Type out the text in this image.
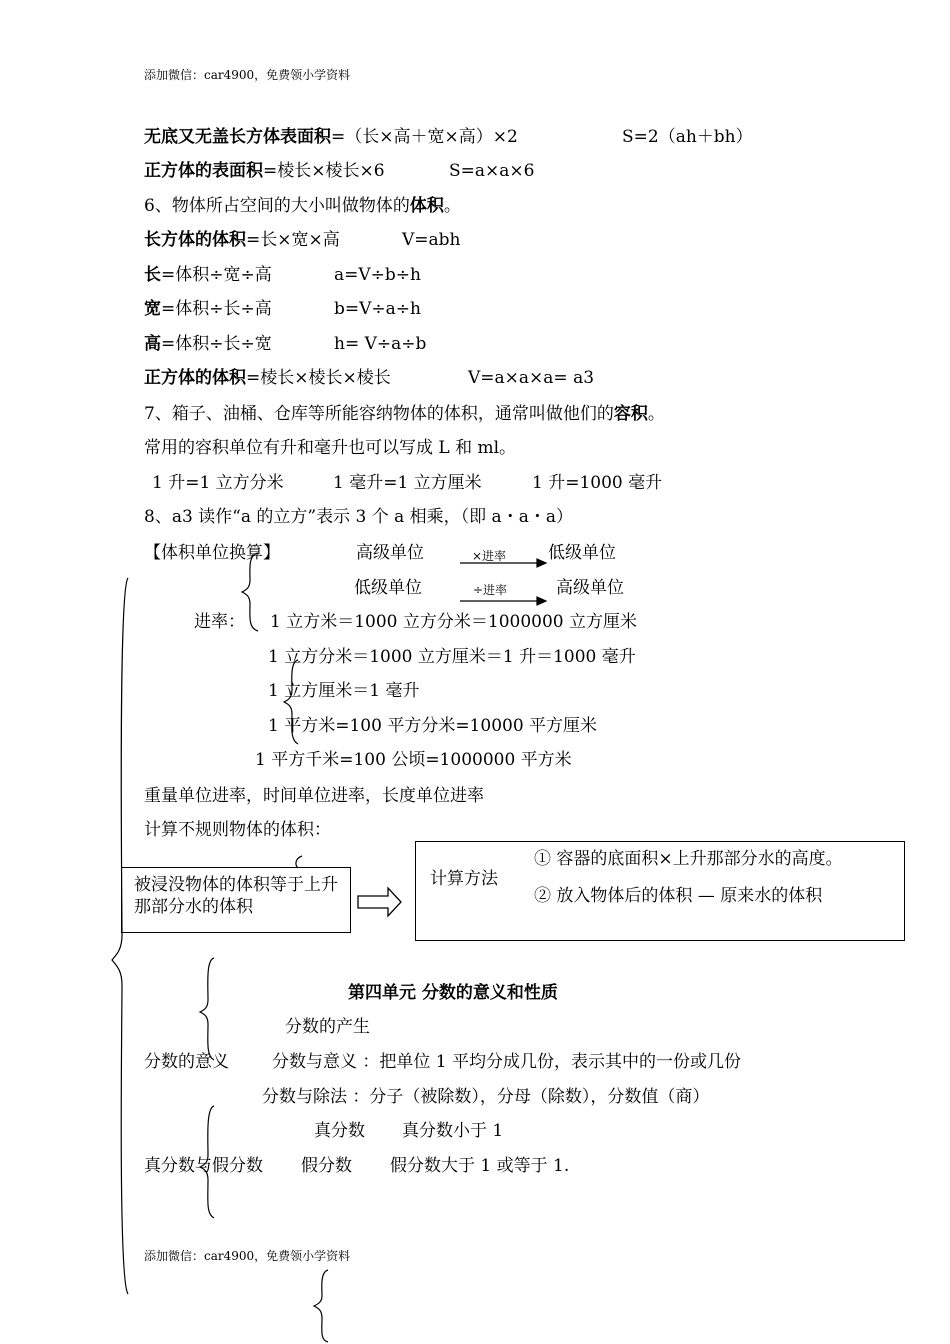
添加微信：car4900，免费领小学资料
无底又无盖长方体表面积=（长×高＋宽×高）×2	S=2（ah＋bh）
正方体的表面积=棱长×棱长×6	S=a×a×6
6、物体所占空间的大小叫做物体的体积。
长方体的体积=长×宽×高	V=abh
长=体积÷宽÷高	a=V÷b÷h
宽=体积÷长÷高	b=V÷a÷h
高=体积÷长÷宽	h= V÷a÷b
正方体的体积=棱长×棱长×棱长	V=a×a×a= a3
7、箱子、油桶、仓库等所能容纳物体的体积，通常叫做他们的容积。
常用的容积单位有升和毫升也可以写成 L 和 ml。
1 升=1 立方分米	1 毫升=1 立方厘米	1 升=1000 毫升
8、a3 读作“a 的立方”表示 3 个 a 相乘，（即 a・a・a）
【体积单位换算】	高级单位	×进率 低级单位
低级单位	÷进率	高级单位
进率： 1 立方米＝1000 立方分米＝1000000 立方厘米
1 立方分米＝1000 立方厘米＝1 升＝1000 毫升
1 立方厘米＝1 毫升
1 平方米=100 平方分米=10000 平方厘米
1 平方千米=100 公顷=1000000 平方米
重量单位进率，时间单位进率，长度单位进率
计算不规则物体的体积：
被浸没物体的体积等于上升那部分水的体积
计算方法
① 容器的底面积×上升那部分水的高度。
② 放入物体后的体积 — 原来水的体积
第四单元 分数的意义和性质
分数的产生
分数的意义	分数与意义 ：把单位 1 平均分成几份，表示其中的一份或几份
分数与除法 ：分子（被除数），分母（除数），分数值（商）
真分数 真分数小于 1
真分数与假分数 假分数 假分数大于 1 或等于 1.
添加微信：car4900，免费领小学资料
